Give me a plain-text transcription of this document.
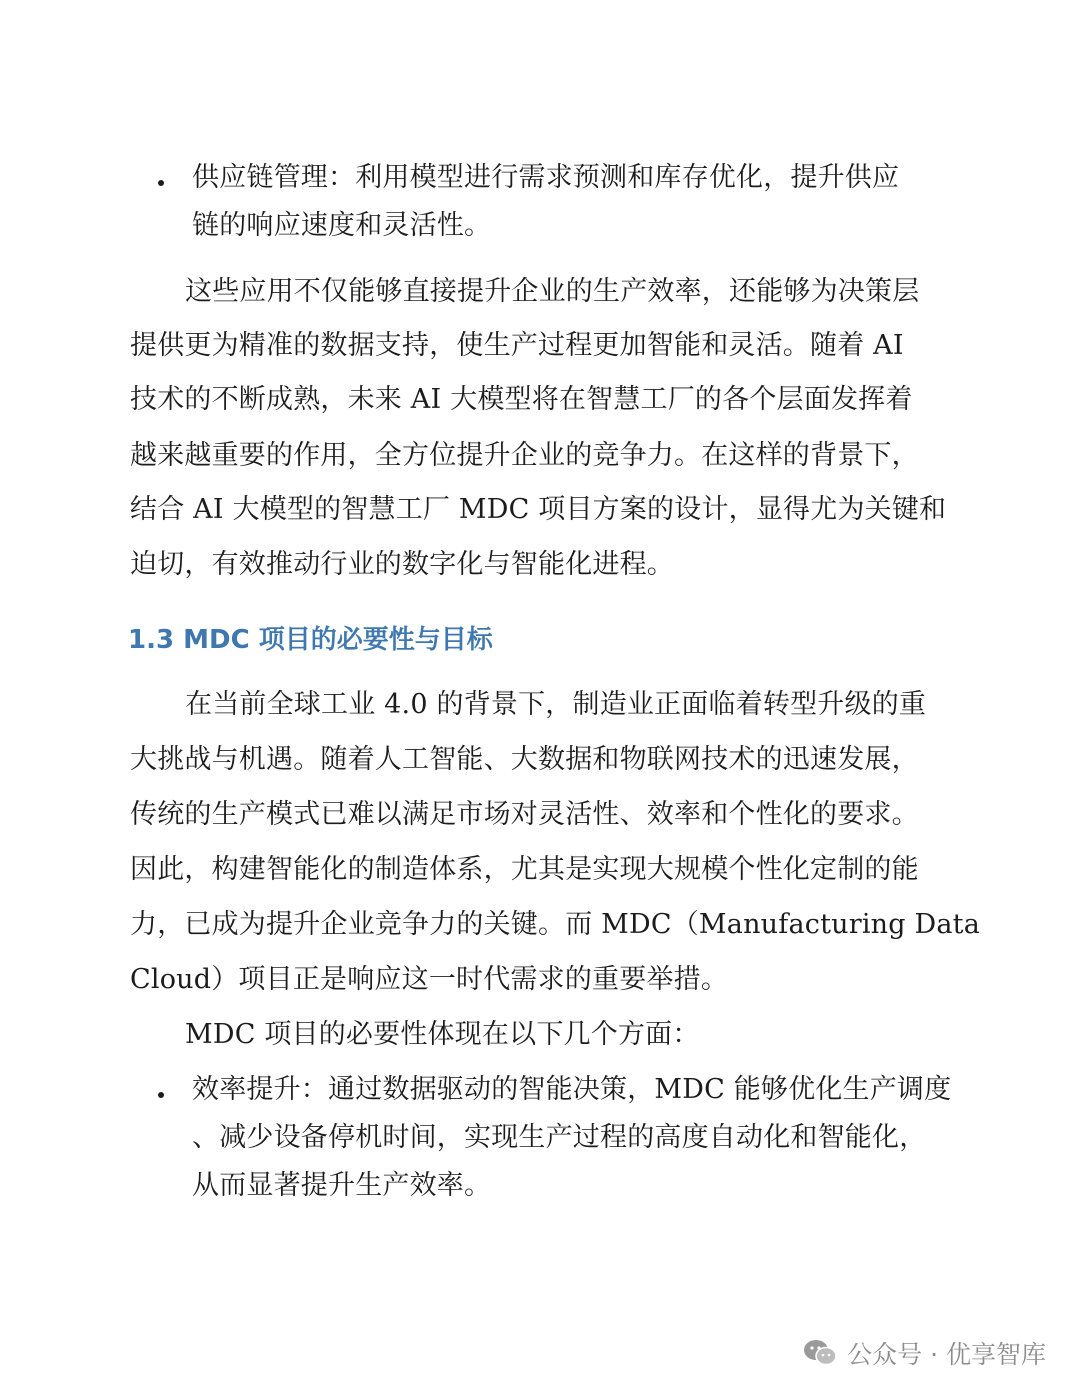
供应链管理：利用模型进行需求预测和库存优化，提升供应
链的响应速度和灵活性。
这些应用不仅能够直接提升企业的生产效率，还能够为决策层
提供更为精准的数据支持，使生产过程更加智能和灵活。随着 AI
技术的不断成熟，未来 AI 大模型将在智慧工厂的各个层面发挥着
越来越重要的作用，全方位提升企业的竞争力。在这样的背景下，
结合 AI 大模型的智慧工厂 MDC 项目方案的设计，显得尤为关键和
迫切，有效推动行业的数字化与智能化进程。
1.3 MDC 项目的必要性与目标
在当前全球工业 4.0 的背景下，制造业正面临着转型升级的重
大挑战与机遇。随着人工智能、大数据和物联网技术的迅速发展，
传统的生产模式已难以满足市场对灵活性、效率和个性化的要求。
因此，构建智能化的制造体系，尤其是实现大规模个性化定制的能
力，已成为提升企业竞争力的关键。而 MDC（Manufacturing Data
Cloud）项目正是响应这一时代需求的重要举措。
MDC 项目的必要性体现在以下几个方面：
效率提升：通过数据驱动的智能决策，MDC 能够优化生产调度
、减少设备停机时间，实现生产过程的高度自动化和智能化，
从而显著提升生产效率。
公众号 · 优享智库
